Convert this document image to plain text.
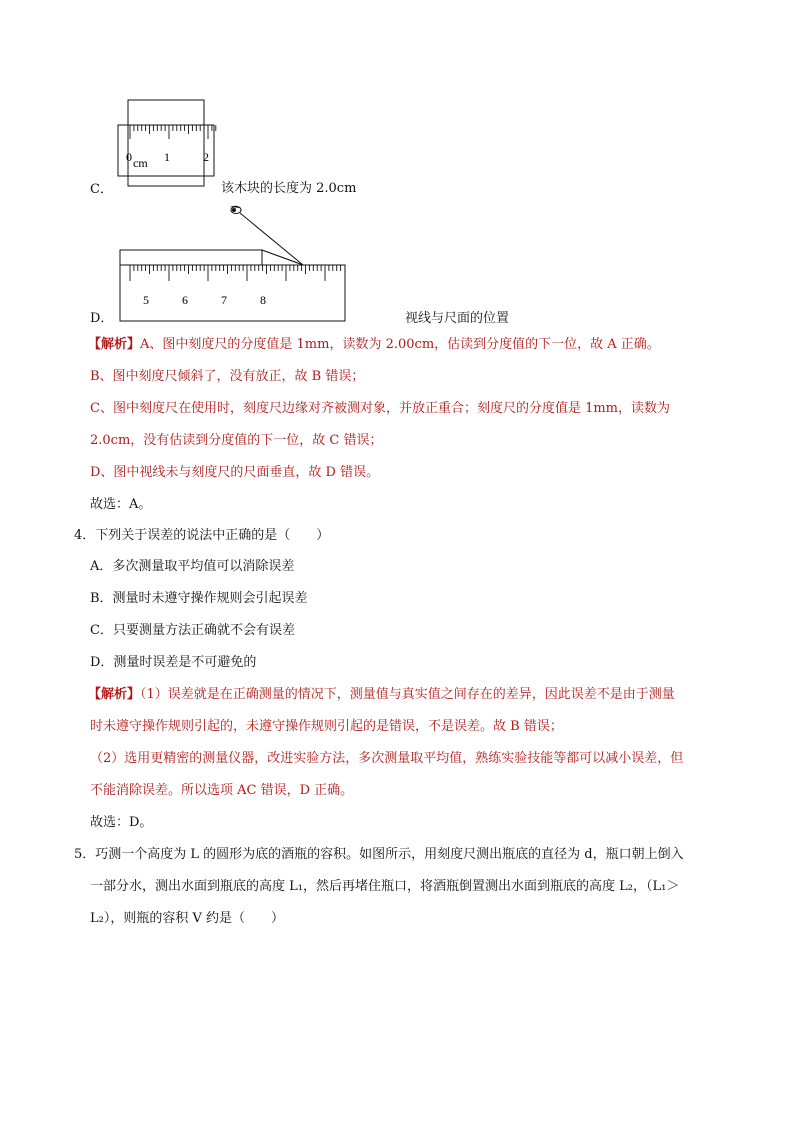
0 cm 1	2
C．	该木块的长度为 2.0cm
5	6	7	8
D．	视线与尺面的位置
【解析】A、图中刻度尺的分度值是 1mm，读数为 2.00cm，估读到分度值的下一位，故 A 正确。
B、图中刻度尺倾斜了，没有放正，故 B 错误；
C、图中刻度尺在使用时，刻度尺边缘对齐被测对象，并放正重合；刻度尺的分度值是 1mm，读数为
2.0cm，没有估读到分度值的下一位，故 C 错误；
D、图中视线未与刻度尺的尺面垂直，故 D 错误。
故选：A。
4．下列关于误差的说法中正确的是（　　）
A．多次测量取平均值可以消除误差
B．测量时未遵守操作规则会引起误差
C．只要测量方法正确就不会有误差
D．测量时误差是不可避免的
【解析】（1）误差就是在正确测量的情况下，测量值与真实值之间存在的差异，因此误差不是由于测量
时未遵守操作规则引起的，未遵守操作规则引起的是错误，不是误差。故 B 错误；
（2）选用更精密的测量仪器，改进实验方法，多次测量取平均值，熟练实验技能等都可以减小误差，但
不能消除误差。所以选项 AC 错误，D 正确。
故选：D。
5．巧测一个高度为 L 的圆形为底的酒瓶的容积。如图所示，用刻度尺测出瓶底的直径为 d，瓶口朝上倒入
一部分水，测出水面到瓶底的高度 L₁，然后再堵住瓶口，将酒瓶倒置测出水面到瓶底的高度 L₂，（L₁＞
L₂），则瓶的容积 V 约是（　　）
